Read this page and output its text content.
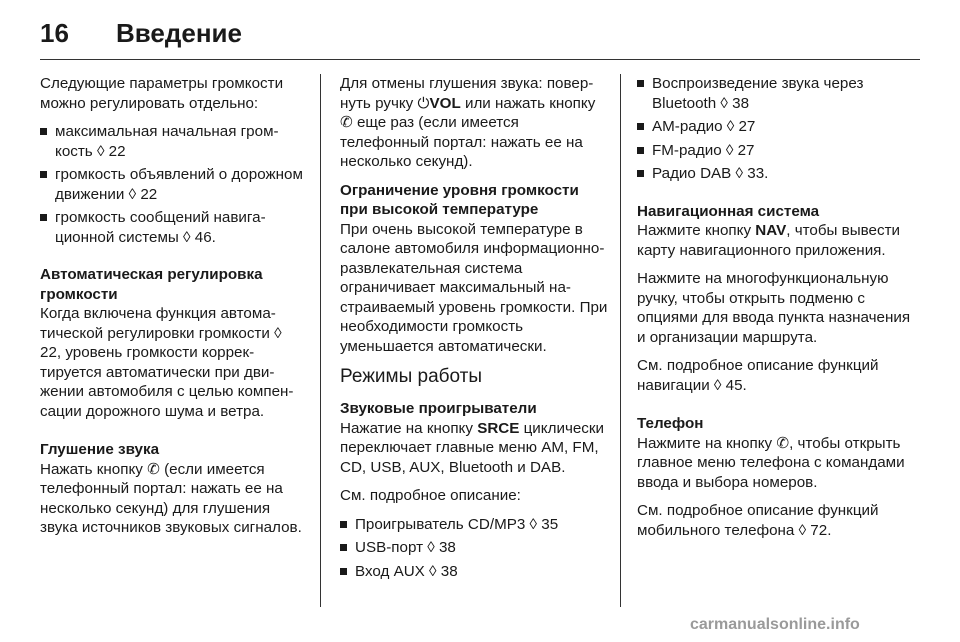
16 Введение

Следующие параметры громкости можно регулировать отдельно:

максимальная начальная громкость ◊ 22
громкость объявлений о дорожном движении ◊ 22
громкость сообщений навигационной системы ◊ 46.
Автоматическая регулировка громкости

Когда включена функция автоматической регулировки громкости ◊ 22, уровень громкости корректируется автоматически при движении автомобиля с целью компенсации дорожного шума и ветра.

Глушение звука

Нажать кнопку ✆ (если имеется телефонный портал: нажать ее на несколько секунд) для глушения звука источников звуковых сигналов.

Для отмены глушения звука: повернуть ручку ⏻VOL или нажать кнопку ✆ еще раз (если имеется телефонный портал: нажать ее на несколько секунд).

Ограничение уровня громкости при высокой температуре

При очень высокой температуре в салоне автомобиля информационно-развлекательная система ограничивает максимальный настраиваемый уровень громкости. При необходимости громкость уменьшается автоматически.

Режимы работы
Звуковые проигрыватели

Нажатие на кнопку SRCE циклически переключает главные меню AM, FM, CD, USB, AUX, Bluetooth и DAB.

См. подробное описание:

Проигрыватель CD/MP3 ◊ 35
USB-порт ◊ 38
Вход AUX ◊ 38
Воспроизведение звука через Bluetooth ◊ 38
АМ-радио ◊ 27
FM-радио ◊ 27
Радио DAB ◊ 33.
Навигационная система

Нажмите кнопку NAV, чтобы вывести карту навигационного приложения.

Нажмите на многофункциональную ручку, чтобы открыть подменю с опциями для ввода пункта назначения и организации маршрута.

См. подробное описание функций навигации ◊ 45.

Телефон

Нажмите на кнопку ✆, чтобы открыть главное меню телефона с командами ввода и выбора номеров.

См. подробное описание функций мобильного телефона ◊ 72.

carmanualsonline.info
